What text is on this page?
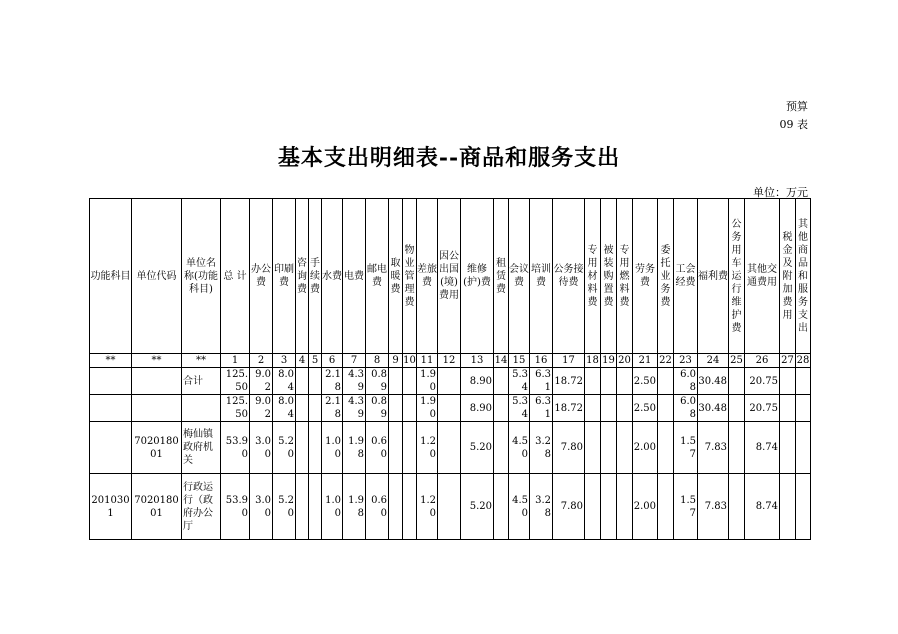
预算
09 表
基本支出明细表--商品和服务支出
单位：万元
功能科目	单位代码	单位名称(功能科目)	总 计	办公费	印刷费	咨询费	手续费	水费	电费	邮电费	取暖费	物业管理费	差旅费	因公出国(境)费用	维修(护)费	租赁费	会议费	培训费	公务接待费	专用材料费	被装购置费	专用燃料费	劳务费	委托业务费	工会经费	福利费	公务用车运行维护费	其他交通费用	税金及附加费用	其他商品和服务支出
**	**	**	1	2	3	4	5	6	7	8	9	10	11	12	13	14	15	16	17	18	19	20	21	22	23	24	25	26	27	28
		合计	125.50	9.02	8.04			2.18	4.39	0.89			1.90		8.90		5.34	6.31	18.72				2.50		6.08	30.48		20.75		
			125.50	9.02	8.04			2.18	4.39	0.89			1.90		8.90		5.34	6.31	18.72				2.50		6.08	30.48		20.75		
	702018001	梅仙镇政府机关	53.90	3.00	5.20			1.00	1.98	0.60			1.20		5.20		4.50	3.28	7.80				2.00		1.57	7.83		8.74		
2010301	702018001	行政运行（政府办公厅	53.90	3.00	5.20			1.00	1.98	0.60			1.20		5.20		4.50	3.28	7.80				2.00		1.57	7.83		8.74		
